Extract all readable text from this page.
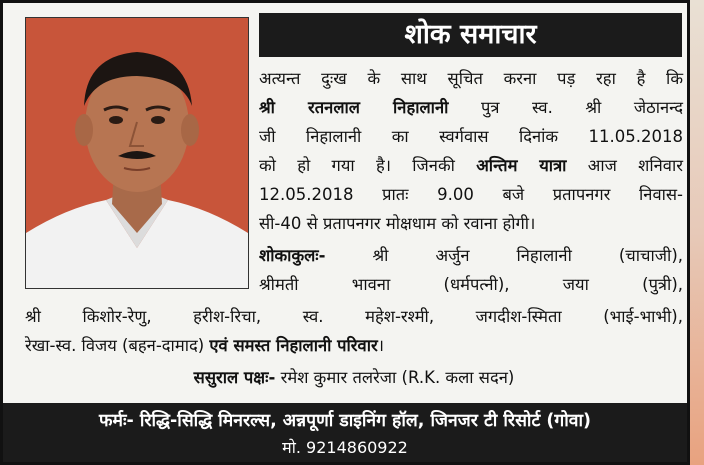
शोक समाचार
अत्यन्त दुःख के साथ सूचित करना पड़ रहा है कि
श्री रतनलाल निहालानी पुत्र स्व. श्री जेठानन्द
जी निहालानी का स्वर्गवास दिनांक 11.05.2018
को हो गया है। जिनकी अन्तिम यात्रा आज शनिवार
12.05.2018 प्रातः 9.00 बजे प्रतापनगर निवास-
सी-40 से प्रतापनगर मोक्षधाम को रवाना होगी।
शोकाकुलः- श्री अर्जुन निहालानी (चाचाजी),
श्रीमती भावना (धर्मपत्नी), जया (पुत्री),
श्री किशोर-रेणु, हरीश-रिचा, स्व. महेश-रश्मी, जगदीश-स्मिता (भाई-भाभी),
रेखा-स्व. विजय (बहन-दामाद) एवं समस्त निहालानी परिवार।
ससुराल पक्षः- रमेश कुमार तलरेजा (R.K. कला सदन)
फर्मः- रिद्धि-सिद्धि मिनरल्स, अन्नपूर्णा डाइनिंग हॉल, जिनजर टी रिसोर्ट (गोवा)
मो. 9214860922
